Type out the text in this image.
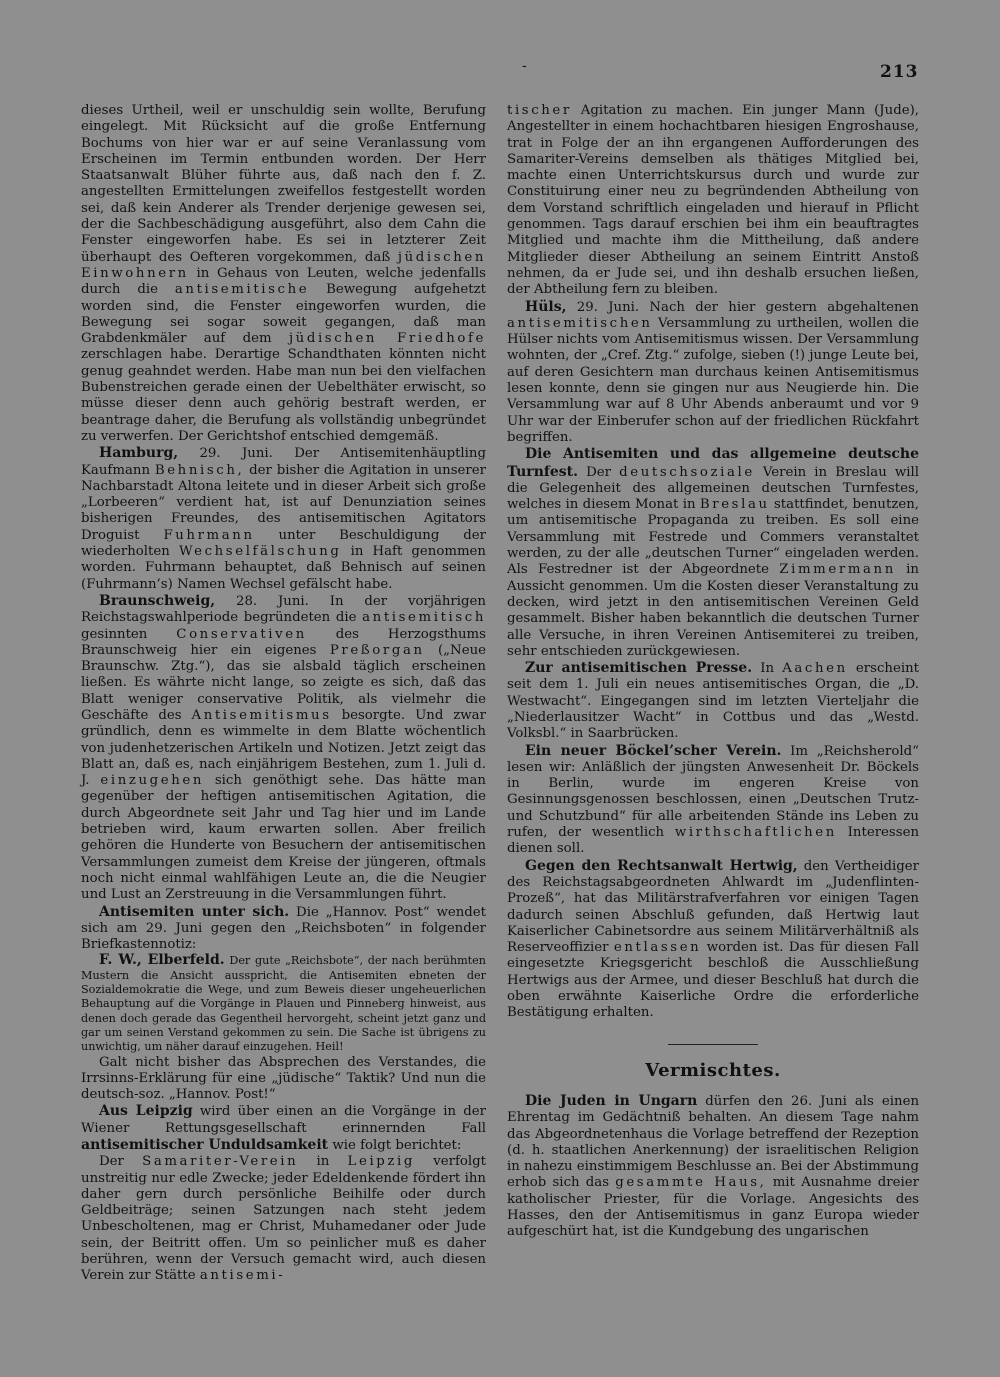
-	213

dieses Urtheil, weil er unschuldig sein wollte, Berufung eingelegt. Mit Rücksicht auf die große Entfernung Bochums von hier war er auf seine Veranlassung vom Erscheinen im Termin entbunden worden. Der Herr Staatsanwalt Blüher führte aus, daß nach den f. Z. angestellten Ermittelungen zweifellos festgestellt worden sei, daß kein Anderer als Trender derjenige gewesen sei, der die Sachbeschädigung ausgeführt, also dem Cahn die Fenster eingeworfen habe. Es sei in letzterer Zeit überhaupt des Oefteren vorgekommen, daß jüdischen Einwohnern in Gehaus von Leuten, welche jedenfalls durch die antisemitische Bewegung aufgehetzt worden sind, die Fenster eingeworfen wurden, die Bewegung sei sogar soweit gegangen, daß man Grabdenkmäler auf dem jüdischen Friedhofe zerschlagen habe. Derartige Schandthaten könnten nicht genug geahndet werden. Habe man nun bei den vielfachen Bubenstreichen gerade einen der Uebelthäter erwischt, so müsse dieser denn auch gehörig bestraft werden, er beantrage daher, die Berufung als vollständig unbegründet zu verwerfen. Der Gerichtshof entschied demgemäß.

Hamburg, 29. Juni. Der Antisemitenhäuptling Kaufmann Behnisch, der bisher die Agitation in unserer Nachbarstadt Altona leitete und in dieser Arbeit sich große „Lorbeeren“ verdient hat, ist auf Denunziation seines bisherigen Freundes, des antisemitischen Agitators Droguist Fuhrmann unter Beschuldigung der wiederholten Wechselfälschung in Haft genommen worden. Fuhrmann behauptet, daß Behnisch auf seinen (Fuhrmann’s) Namen Wechsel gefälscht habe.

Braunschweig, 28. Juni. In der vorjährigen Reichstagswahlperiode begründeten die antisemitisch gesinnten Conservativen des Herzogsthums Braunschweig hier ein eigenes Preßorgan („Neue Braunschw. Ztg.“), das sie alsbald täglich erscheinen ließen. Es währte nicht lange, so zeigte es sich, daß das Blatt weniger conservative Politik, als vielmehr die Geschäfte des Antisemitismus besorgte. Und zwar gründlich, denn es wimmelte in dem Blatte wöchentlich von judenhetzerischen Artikeln und Notizen. Jetzt zeigt das Blatt an, daß es, nach einjährigem Bestehen, zum 1. Juli d. J. einzugehen sich genöthigt sehe. Das hätte man gegenüber der heftigen antisemitischen Agitation, die durch Abgeordnete seit Jahr und Tag hier und im Lande betrieben wird, kaum erwarten sollen. Aber freilich gehören die Hunderte von Besuchern der antisemitischen Versammlungen zumeist dem Kreise der jüngeren, oftmals noch nicht einmal wahlfähigen Leute an, die die Neugier und Lust an Zerstreuung in die Versammlungen führt.

Antisemiten unter sich. Die „Hannov. Post“ wendet sich am 29. Juni gegen den „Reichsboten“ in folgender Briefkastennotiz:

F. W., Elberfeld. Der gute „Reichsbote“, der nach berühmten Mustern die Ansicht ausspricht, die Antisemiten ebneten der Sozialdemokratie die Wege, und zum Beweis dieser ungeheuerlichen Behauptung auf die Vorgänge in Plauen und Pinneberg hinweist, aus denen doch gerade das Gegentheil hervorgeht, scheint jetzt ganz und gar um seinen Verstand gekommen zu sein. Die Sache ist übrigens zu unwichtig, um näher darauf einzugehen. Heil!

Galt nicht bisher das Absprechen des Verstandes, die Irrsinns-Erklärung für eine „jüdische“ Taktik? Und nun die deutsch-soz. „Hannov. Post!“

Aus Leipzig wird über einen an die Vorgänge in der Wiener Rettungsgesellschaft erinnernden Fall antisemitischer Unduldsamkeit wie folgt berichtet:

Der Samariter-Verein in Leipzig verfolgt unstreitig nur edle Zwecke; jeder Edeldenkende fördert ihn daher gern durch persönliche Beihilfe oder durch Geldbeiträge; seinen Satzungen nach steht jedem Unbescholtenen, mag er Christ, Muhamedaner oder Jude sein, der Beitritt offen. Um so peinlicher muß es daher berühren, wenn der Versuch gemacht wird, auch diesen Verein zur Stätte antisemi-

tischer Agitation zu machen. Ein junger Mann (Jude), Angestellter in einem hochachtbaren hiesigen Engroshause, trat in Folge der an ihn ergangenen Aufforderungen des Samariter-Vereins demselben als thätiges Mitglied bei, machte einen Unterrichtskursus durch und wurde zur Constituirung einer neu zu begründenden Abtheilung von dem Vorstand schriftlich eingeladen und hierauf in Pflicht genommen. Tags darauf erschien bei ihm ein beauftragtes Mitglied und machte ihm die Mittheilung, daß andere Mitglieder dieser Abtheilung an seinem Eintritt Anstoß nehmen, da er Jude sei, und ihn deshalb ersuchen ließen, der Abtheilung fern zu bleiben.

Hüls, 29. Juni. Nach der hier gestern abgehaltenen antisemitischen Versammlung zu urtheilen, wollen die Hülser nichts vom Antisemitismus wissen. Der Versammlung wohnten, der „Cref. Ztg.“ zufolge, sieben (!) junge Leute bei, auf deren Gesichtern man durchaus keinen Antisemitismus lesen konnte, denn sie gingen nur aus Neugierde hin. Die Versammlung war auf 8 Uhr Abends anberaumt und vor 9 Uhr war der Einberufer schon auf der friedlichen Rückfahrt begriffen.

Die Antisemiten und das allgemeine deutsche Turnfest. Der deutschsoziale Verein in Breslau will die Gelegenheit des allgemeinen deutschen Turnfestes, welches in diesem Monat in Breslau stattfindet, benutzen, um antisemitische Propaganda zu treiben. Es soll eine Versammlung mit Festrede und Commers veranstaltet werden, zu der alle „deutschen Turner“ eingeladen werden. Als Festredner ist der Abgeordnete Zimmermann in Aussicht genommen. Um die Kosten dieser Veranstaltung zu decken, wird jetzt in den antisemitischen Vereinen Geld gesammelt. Bisher haben bekanntlich die deutschen Turner alle Versuche, in ihren Vereinen Antisemiterei zu treiben, sehr entschieden zurückgewiesen.

Zur antisemitischen Presse. In Aachen erscheint seit dem 1. Juli ein neues antisemitisches Organ, die „D. Westwacht“. Eingegangen sind im letzten Vierteljahr die „Niederlausitzer Wacht“ in Cottbus und das „Westd. Volksbl.“ in Saarbrücken.

Ein neuer Böckel’scher Verein. Im „Reichsherold“ lesen wir: Anläßlich der jüngsten Anwesenheit Dr. Böckels in Berlin, wurde im engeren Kreise von Gesinnungsgenossen beschlossen, einen „Deutschen Trutz- und Schutzbund“ für alle arbeitenden Stände ins Leben zu rufen, der wesentlich wirthschaftlichen Interessen dienen soll.

Gegen den Rechtsanwalt Hertwig, den Vertheidiger des Reichstagsabgeordneten Ahlwardt im „Judenflinten-Prozeß“, hat das Militärstrafverfahren vor einigen Tagen dadurch seinen Abschluß gefunden, daß Hertwig laut Kaiserlicher Cabinetsordre aus seinem Militärverhältniß als Reserveoffizier entlassen worden ist. Das für diesen Fall eingesetzte Kriegsgericht beschloß die Ausschließung Hertwigs aus der Armee, und dieser Beschluß hat durch die oben erwähnte Kaiserliche Ordre die erforderliche Bestätigung erhalten.

Vermischtes.

Die Juden in Ungarn dürfen den 26. Juni als einen Ehrentag im Gedächtniß behalten. An diesem Tage nahm das Abgeordnetenhaus die Vorlage betreffend der Rezeption (d. h. staatlichen Anerkennung) der israelitischen Religion in nahezu einstimmigem Beschlusse an. Bei der Abstimmung erhob sich das gesammte Haus, mit Ausnahme dreier katholischer Priester, für die Vorlage. Angesichts des Hasses, den der Antisemitismus in ganz Europa wieder aufgeschürt hat, ist die Kundgebung des ungarischen
